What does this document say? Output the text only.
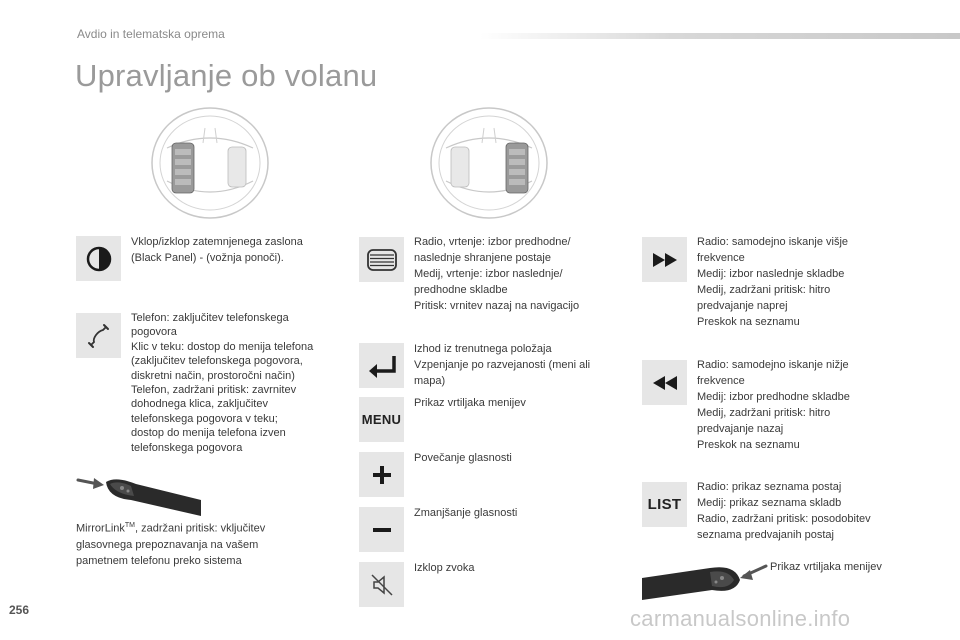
Avdio in telematska oprema
Upravljanje ob volanu
Vklop/izklop zatemnjenega zaslona
(Black Panel) - (vožnja ponoči).
Telefon: zaključitev telefonskega
pogovora
Klic v teku: dostop do menija telefona
(zaključitev telefonskega pogovora,
diskretni način, prostoročni način)
Telefon, zadržani pritisk: zavrnitev
dohodnega klica, zaključitev
telefonskega pogovora v teku;
dostop do menija telefona izven
telefonskega pogovora
MirrorLink™, zadržani pritisk: vključitev
glasovnega prepoznavanja na vašem
pametnem telefonu preko sistema
Radio, vrtenje: izbor predhodne/
naslednje shranjene postaje
Medij, vrtenje: izbor naslednje/
predhodne skladbe
Pritisk: vrnitev nazaj na navigacijo
Izhod iz trenutnega položaja
Vzpenjanje po razvejanosti (meni ali
mapa)
MENU
Prikaz vrtiljaka menijev
Povečanje glasnosti
Zmanjšanje glasnosti
Izklop zvoka
Radio: samodejno iskanje višje
frekvence
Medij: izbor naslednje skladbe
Medij, zadržani pritisk: hitro
predvajanje naprej
Preskok na seznamu
Radio: samodejno iskanje nižje
frekvence
Medij: izbor predhodne skladbe
Medij, zadržani pritisk: hitro
predvajanje nazaj
Preskok na seznamu
LIST
Radio: prikaz seznama postaj
Medij: prikaz seznama skladb
Radio, zadržani pritisk: posodobitev
seznama predvajanih postaj
Prikaz vrtiljaka menijev
256	carmanualsonline.info
